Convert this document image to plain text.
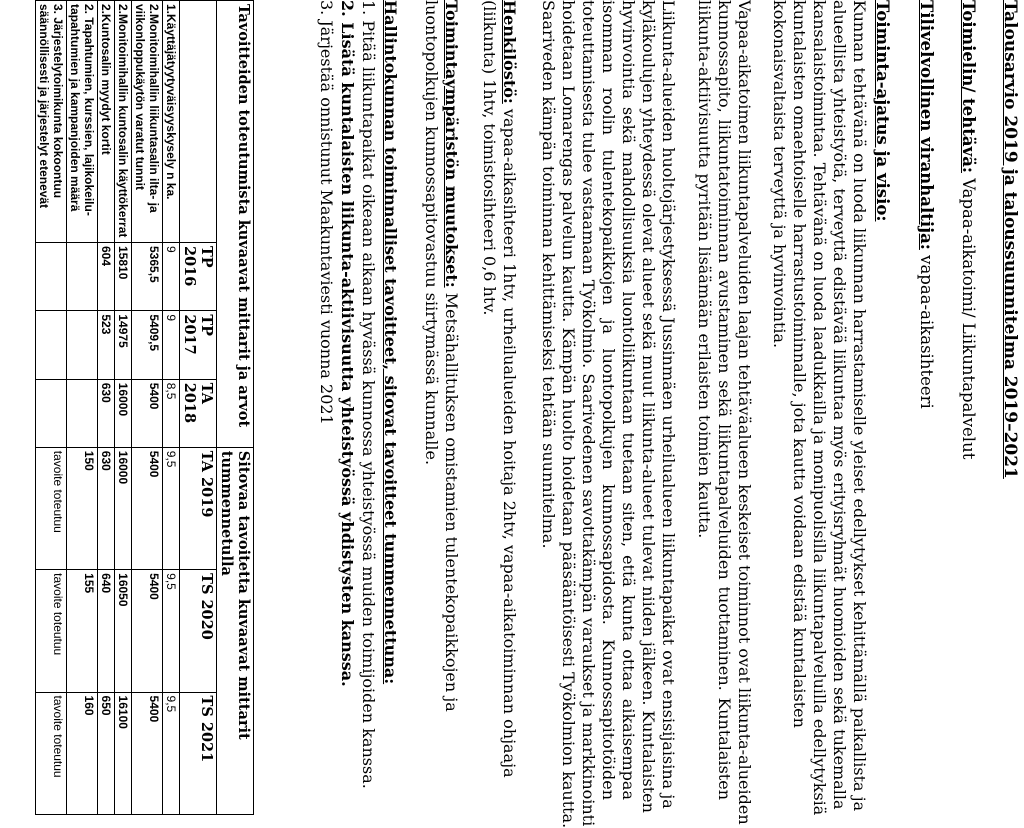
Talousarvio 2019 ja taloussuunnitelma 2019–2021
Toimielin/ tehtävä: Vapaa-aikatoimi/ Liikuntapalvelut
Tilivelvollinen viranhaltija: vapaa-aikasihteeri
Toiminta-ajatus ja visio:
Kunnan tehtävänä on luoda liikunnan harrastamiselle yleiset edellytykset kehittämällä paikallista ja
alueellista yhteistyötä, terveyttä edistävää liikuntaa myös erityisryhmät huomioiden sekä tukemalla
kansalaistoimintaa. Tehtävänä on luoda laadukkailla ja monipuolisilla liikuntapalveluilla edellytyksiä
kuntalaisten omaehtoiselle harrastustoiminnalle, jota kautta voidaan edistää kuntalaisten
kokonaisvaltaista terveyttä ja hyvinvointia.
Vapaa-aikatoimen liikuntapalveluiden laajan tehtäväalueen keskeiset toiminnot ovat liikunta-alueiden
kunnossapito, liikuntatoiminnan avustaminen sekä liikuntapalveluiden tuottaminen. Kuntalaisten
liikunta-aktiivisuutta pyritään lisäämään erilaisten toimien kautta.
Liikunta-alueiden huoltojärjestyksessä Jussinmäen urheilualueen liikuntapaikat ovat ensisijaisina ja
kyläkoulujen yhteydessä olevat alueet sekä muut liikunta-alueet tulevat niiden jälkeen. Kuntalaisten
hyvinvointia sekä mahdollisuuksia luontoliikuntaan tuetaan siten, että kunta ottaa aikaisempaa
isomman roolin tulentekopaikkojen ja luontopolkujen kunnossapidosta. Kunnossapitotöiden
toteuttamisesta tulee vastaamaan Työkolmio. Saarivedenen savottakämpän varaukset ja markkinointi
hoidetaan Lomarengas palvelun kautta. Kämpän huolto hoidetaan pääsääntöisesti Työkolmion kautta.
Saariveden kämpän toiminnan kehittämiseksi tehtään suunnitelma.
Henkilöstö: vapaa-aikasihteeri 1htv, urheilualueiden hoitaja 2htv, vapaa-aikatoiminnan ohjaaja
(liikunta) 1htv, toimistosihteeri 0,6 htv.
Toimintaympäristön muutokset: Metsähallituksen omistamien tulentekopaikkojen ja
luontopolkujen kunnossapitovastuu siirtymässä kunnalle.
Hallintokunnan toiminnalliset tavoitteet, sitovat tavoitteet tummennettuna:
1. Pitää liikuntapaikat oikeaan aikaan hyvässä kunnossa yhteistyössä muiden toimijoiden kanssa.
2. Lisätä kuntalaisten liikunta-aktiivisuutta yhteistyössä yhdistysten kanssa.
3. Järjestää onnistunut Maakuntaviesti vuonna 2021
Tavoitteiden toteutumista kuvaavat mittarit ja arvot				Sitovaa tavoitetta kuvaavat mittarit tummennetulla		
	TP 2016	TP 2017	TA 2018	TA 2019	TS 2020	TS 2021
1.Käyttäjätyytyväisyyskysely n ka.	9	9	8,5	9,5	9,5	9,5
2.Monitoimihallin liikuntasalin ilta- ja viikonloppukäytön varatut tunnit	5365,5	5409,5	5400	5400	5400	5400
2.Monitoimihallin kuntosalin käyttökerrat	15810	14975	16000	16000	16050	16100
2.Kuntosalin myydyt kortit	604	523	630	630	640	650
2. Tapahtumien, kurssien, lajikokeilu-tapahtumien ja kampanjoiden määrä				150	155	160
3. Järjestelytoimikunta kokoontuu säännöllisesti ja järjestelyt etenevät				tavoite toteutuu	tavoite toteutuu	tavoite toteutuu
